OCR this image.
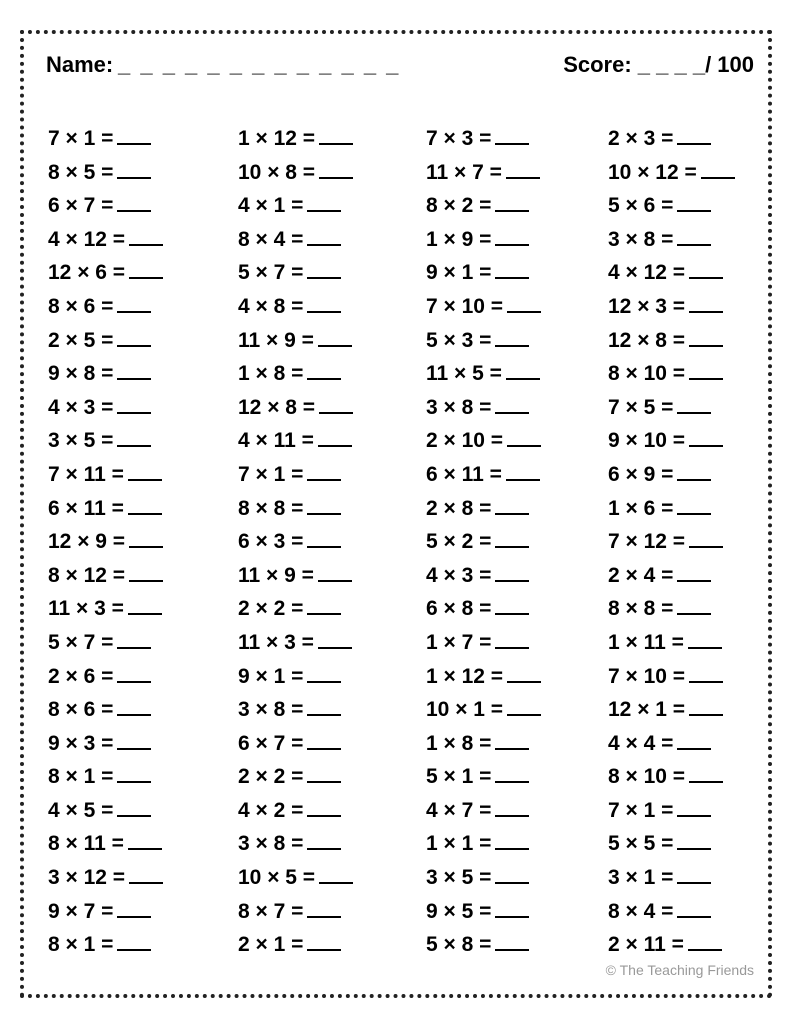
Name: _ _ _ _ _ _ _ _ _ _ _ _ _	Score: _ _ _ _/ 100
7 × 1 =
8 × 5 =
6 × 7 =
4 × 12 =
12 × 6 =
8 × 6 =
2 × 5 =
9 × 8 =
4 × 3 =
3 × 5 =
7 × 11 =
6 × 11 =
12 × 9 =
8 × 12 =
11 × 3 =
5 × 7 =
2 × 6 =
8 × 6 =
9 × 3 =
8 × 1 =
4 × 5 =
8 × 11 =
3 × 12 =
9 × 7 =
8 × 1 =
1 × 12 =
10 × 8 =
4 × 1 =
8 × 4 =
5 × 7 =
4 × 8 =
11 × 9 =
1 × 8 =
12 × 8 =
4 × 11 =
7 × 1 =
8 × 8 =
6 × 3 =
11 × 9 =
2 × 2 =
11 × 3 =
9 × 1 =
3 × 8 =
6 × 7 =
2 × 2 =
4 × 2 =
3 × 8 =
10 × 5 =
8 × 7 =
2 × 1 =
7 × 3 =
11 × 7 =
8 × 2 =
1 × 9 =
9 × 1 =
7 × 10 =
5 × 3 =
11 × 5 =
3 × 8 =
2 × 10 =
6 × 11 =
2 × 8 =
5 × 2 =
4 × 3 =
6 × 8 =
1 × 7 =
1 × 12 =
10 × 1 =
1 × 8 =
5 × 1 =
4 × 7 =
1 × 1 =
3 × 5 =
9 × 5 =
5 × 8 =
2 × 3 =
10 × 12 =
5 × 6 =
3 × 8 =
4 × 12 =
12 × 3 =
12 × 8 =
8 × 10 =
7 × 5 =
9 × 10 =
6 × 9 =
1 × 6 =
7 × 12 =
2 × 4 =
8 × 8 =
1 × 11 =
7 × 10 =
12 × 1 =
4 × 4 =
8 × 10 =
7 × 1 =
5 × 5 =
3 × 1 =
8 × 4 =
2 × 11 =
© The Teaching Friends
